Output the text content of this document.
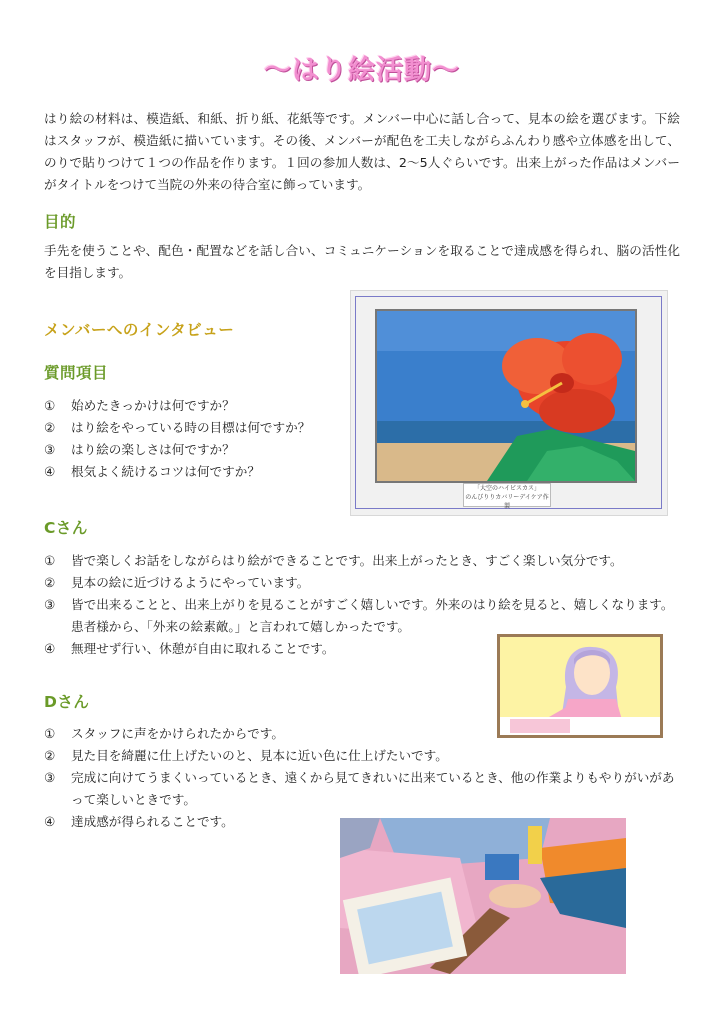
〜はり絵活動〜

はり絵の材料は、模造紙、和紙、折り紙、花紙等です。メンバー中心に話し合って、見本の絵を選びます。下絵はスタッフが、模造紙に描いています。その後、メンバーが配色を工夫しながらふんわり感や立体感を出して、のりで貼りつけて１つの作品を作ります。１回の参加人数は、2〜5人ぐらいです。出来上がった作品はメンバーがタイトルをつけて当院の外来の待合室に飾っています。

目的

手先を使うことや、配色・配置などを話し合い、コミュニケーションを取ることで達成感を得られ、脳の活性化を目指します。

メンバーへのインタビュー
質問項目
① 始めたきっかけは何ですか？
② はり絵をやっている時の目標は何ですか？
③ はり絵の楽しさは何ですか？
④ 根気よく続けるコツは何ですか？
「大空のハイビスカス」
のんびりりカバリーデイケア作製
Cさん
① 皆で楽しくお話をしながらはり絵ができることです。出来上がったとき、すごく楽しい気分です。
② 見本の絵に近づけるようにやっています。
③ 皆で出来ることと、出来上がりを見ることがすごく嬉しいです。外来のはり絵を見ると、嬉しくなります。患者様から、「外来の絵素敵。」と言われて嬉しかったです。
④ 無理せず行い、休憩が自由に取れることです。
Dさん
① スタッフに声をかけられたからです。
② 見た目を綺麗に仕上げたいのと、見本に近い色に仕上げたいです。
③ 完成に向けてうまくいっているとき、遠くから見てきれいに出来ているとき、他の作業よりもやりがいがあって楽しいときです。
④ 達成感が得られることです。
